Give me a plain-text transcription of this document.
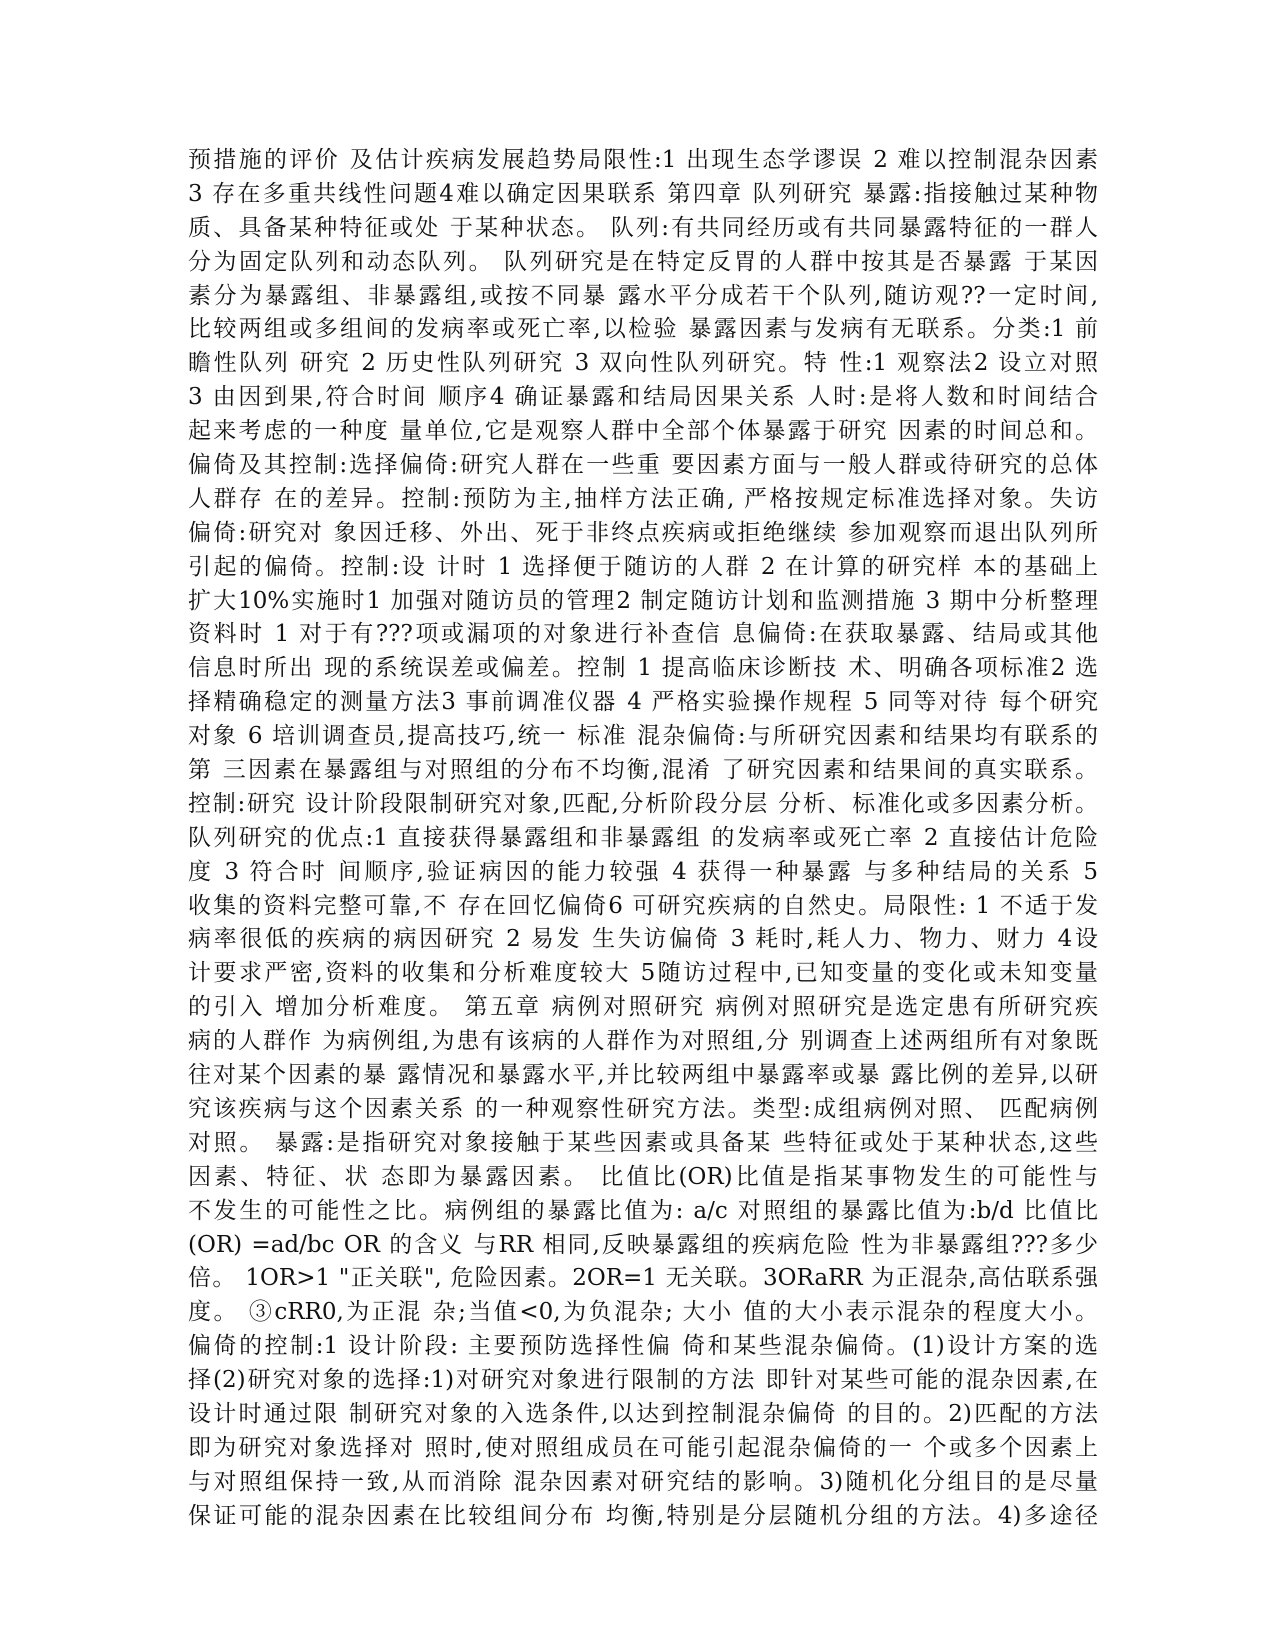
预措施的评价 及估计疾病发展趋势局限性:1 出现生态学谬误 2 难以控制混杂因素
3 存在多重共线性问题4难以确定因果联系 第四章 队列研究 暴露:指接触过某种物
质、具备某种特征或处 于某种状态。 队列:有共同经历或有共同暴露特征的一群人
分为固定队列和动态队列。 队列研究是在特定反胃的人群中按其是否暴露 于某因
素分为暴露组、非暴露组,或按不同暴 露水平分成若干个队列,随访观??一定时间,
比较两组或多组间的发病率或死亡率,以检验 暴露因素与发病有无联系。分类:1 前
瞻性队列 研究 2 历史性队列研究 3 双向性队列研究。特 性:1 观察法2 设立对照
3 由因到果,符合时间 顺序4 确证暴露和结局因果关系 人时:是将人数和时间结合
起来考虑的一种度 量单位,它是观察人群中全部个体暴露于研究 因素的时间总和。
偏倚及其控制:选择偏倚:研究人群在一些重 要因素方面与一般人群或待研究的总体
人群存 在的差异。控制:预防为主,抽样方法正确, 严格按规定标准选择对象。失访
偏倚:研究对 象因迁移、外出、死于非终点疾病或拒绝继续 参加观察而退出队列所
引起的偏倚。控制:设 计时 1 选择便于随访的人群 2 在计算的研究样 本的基础上
扩大10%实施时1 加强对随访员的管理2 制定随访计划和监测措施 3 期中分析整理
资料时 1 对于有???项或漏项的对象进行补查信 息偏倚:在获取暴露、结局或其他
信息时所出 现的系统误差或偏差。控制 1 提高临床诊断技 术、明确各项标准2 选
择精确稳定的测量方法3 事前调准仪器 4 严格实验操作规程 5 同等对待 每个研究
对象 6 培训调查员,提高技巧,统一 标准 混杂偏倚:与所研究因素和结果均有联系的
第 三因素在暴露组与对照组的分布不均衡,混淆 了研究因素和结果间的真实联系。
控制:研究 设计阶段限制研究对象,匹配,分析阶段分层 分析、标准化或多因素分析。
队列研究的优点:1 直接获得暴露组和非暴露组 的发病率或死亡率 2 直接估计危险
度 3 符合时 间顺序,验证病因的能力较强 4 获得一种暴露 与多种结局的关系 5
收集的资料完整可靠,不 存在回忆偏倚6 可研究疾病的自然史。局限性: 1 不适于发
病率很低的疾病的病因研究 2 易发 生失访偏倚 3 耗时,耗人力、物力、财力 4设
计要求严密,资料的收集和分析难度较大 5随访过程中,已知变量的变化或未知变量
的引入 增加分析难度。 第五章 病例对照研究 病例对照研究是选定患有所研究疾
病的人群作 为病例组,为患有该病的人群作为对照组,分 别调查上述两组所有对象既
往对某个因素的暴 露情况和暴露水平,并比较两组中暴露率或暴 露比例的差异,以研
究该疾病与这个因素关系 的一种观察性研究方法。类型:成组病例对照、 匹配病例
对照。 暴露:是指研究对象接触于某些因素或具备某 些特征或处于某种状态,这些
因素、特征、状 态即为暴露因素。 比值比(OR)比值是指某事物发生的可能性与
不发生的可能性之比。病例组的暴露比值为: a/c 对照组的暴露比值为:b/d 比值比
(OR) =ad/bc OR 的含义 与RR 相同,反映暴露组的疾病危险 性为非暴露组???多少
倍。 1OR>1 "正关联", 危险因素。2OR=1 无关联。3ORaRR 为正混杂,高估联系强
度。 ③cRR0,为正混 杂;当值<0,为负混杂; 大小 值的大小表示混杂的程度大小。
偏倚的控制:1 设计阶段: 主要预防选择性偏 倚和某些混杂偏倚。(1)设计方案的选
择(2)研究对象的选择:1)对研究对象进行限制的方法 即针对某些可能的混杂因素,在
设计时通过限 制研究对象的入选条件,以达到控制混杂偏倚 的目的。2)匹配的方法
即为研究对象选择对 照时,使对照组成员在可能引起混杂偏倚的一 个或多个因素上
与对照组保持一致,从而消除 混杂因素对研究结的影响。3)随机化分组目的是尽量
保证可能的混杂因素在比较组间分布 均衡,特别是分层随机分组的方法。4)多途径
